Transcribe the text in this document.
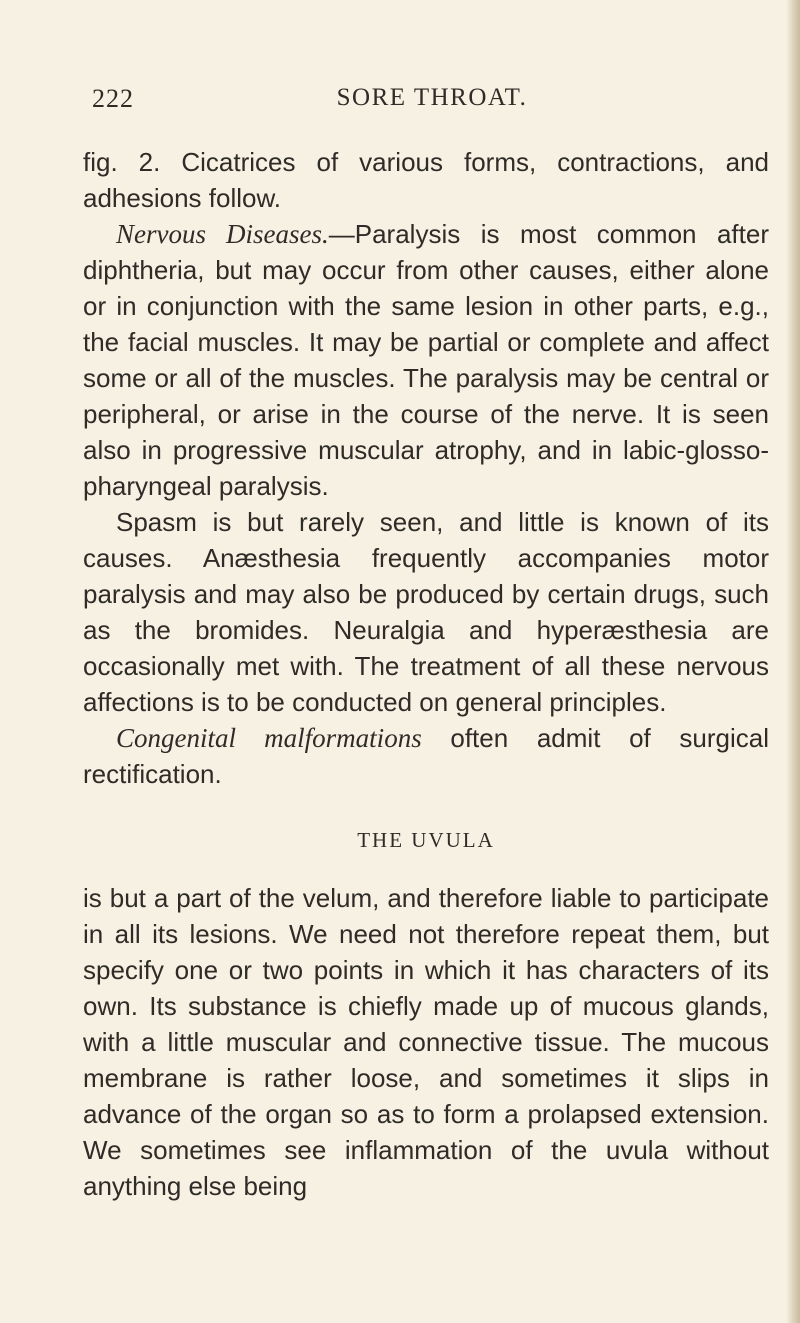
222	SORE THROAT.

fig. 2. Cicatrices of various forms, contractions, and adhesions follow.

Nervous Diseases.—Paralysis is most common after diphtheria, but may occur from other causes, either alone or in conjunction with the same lesion in other parts, e.g., the facial muscles. It may be partial or complete and affect some or all of the muscles. The paralysis may be central or peripheral, or arise in the course of the nerve. It is seen also in progressive muscular atrophy, and in labic-glosso-pharyngeal paralysis.

Spasm is but rarely seen, and little is known of its causes. Anæsthesia frequently accompanies motor paralysis and may also be produced by certain drugs, such as the bromides. Neuralgia and hyperæsthesia are occasionally met with. The treatment of all these nervous affections is to be conducted on general principles.

Congenital malformations often admit of surgical rectification.

THE UVULA

is but a part of the velum, and therefore liable to participate in all its lesions. We need not therefore repeat them, but specify one or two points in which it has characters of its own. Its substance is chiefly made up of mucous glands, with a little muscular and connective tissue. The mucous membrane is rather loose, and sometimes it slips in advance of the organ so as to form a prolapsed extension. We sometimes see inflammation of the uvula without anything else being
